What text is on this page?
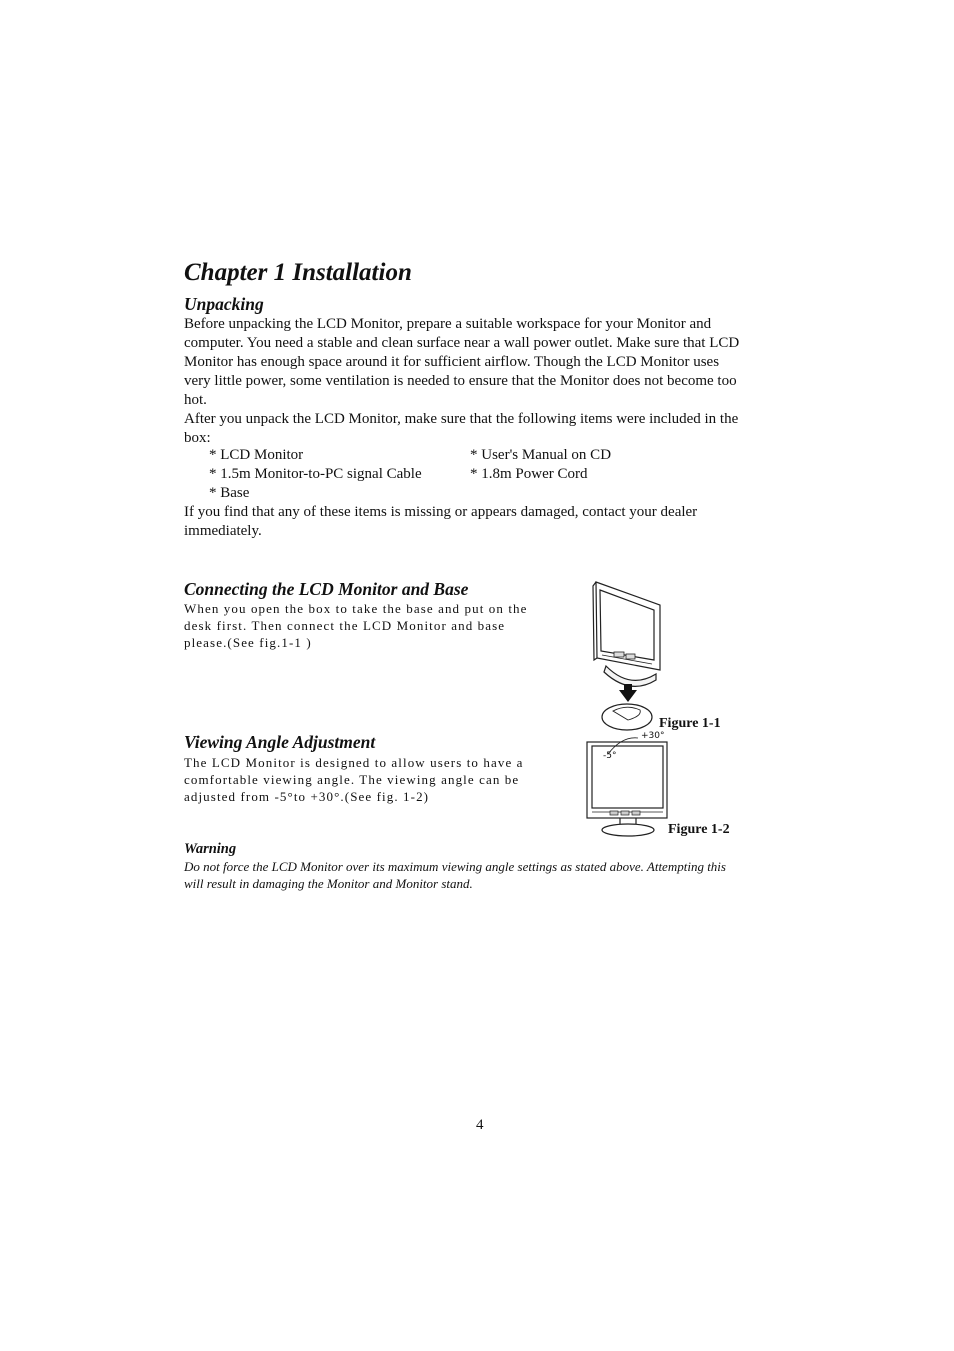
Chapter 1 Installation
Unpacking
Before unpacking the LCD Monitor, prepare a suitable workspace for your Monitor and
computer. You need a stable and clean surface near a wall power outlet. Make sure that LCD
Monitor has enough space around it for sufficient airflow. Though the LCD Monitor uses
very little power, some ventilation is needed to ensure that the Monitor does not become too
hot.
After you unpack the LCD Monitor, make sure that the following items were included in the
box:
* LCD Monitor
* 1.5m Monitor-to-PC signal Cable
* Base
* User's Manual on CD
* 1.8m Power Cord
If you find that any of these items is missing or appears damaged, contact your dealer
immediately.
Connecting the LCD Monitor and Base
When you open the box to take the base and put on the
desk first. Then connect the LCD Monitor and base
please.(See fig.1-1 )
Figure 1-1
Viewing Angle Adjustment
The LCD Monitor is designed to allow users to have a
comfortable viewing angle. The viewing angle can be
adjusted from -5°to +30°.(See fig. 1-2)
+30°
-5°
Figure 1-2
Warning
Do not force the LCD Monitor over its maximum viewing angle settings as stated above. Attempting this
will result in damaging the Monitor and Monitor stand.
4
